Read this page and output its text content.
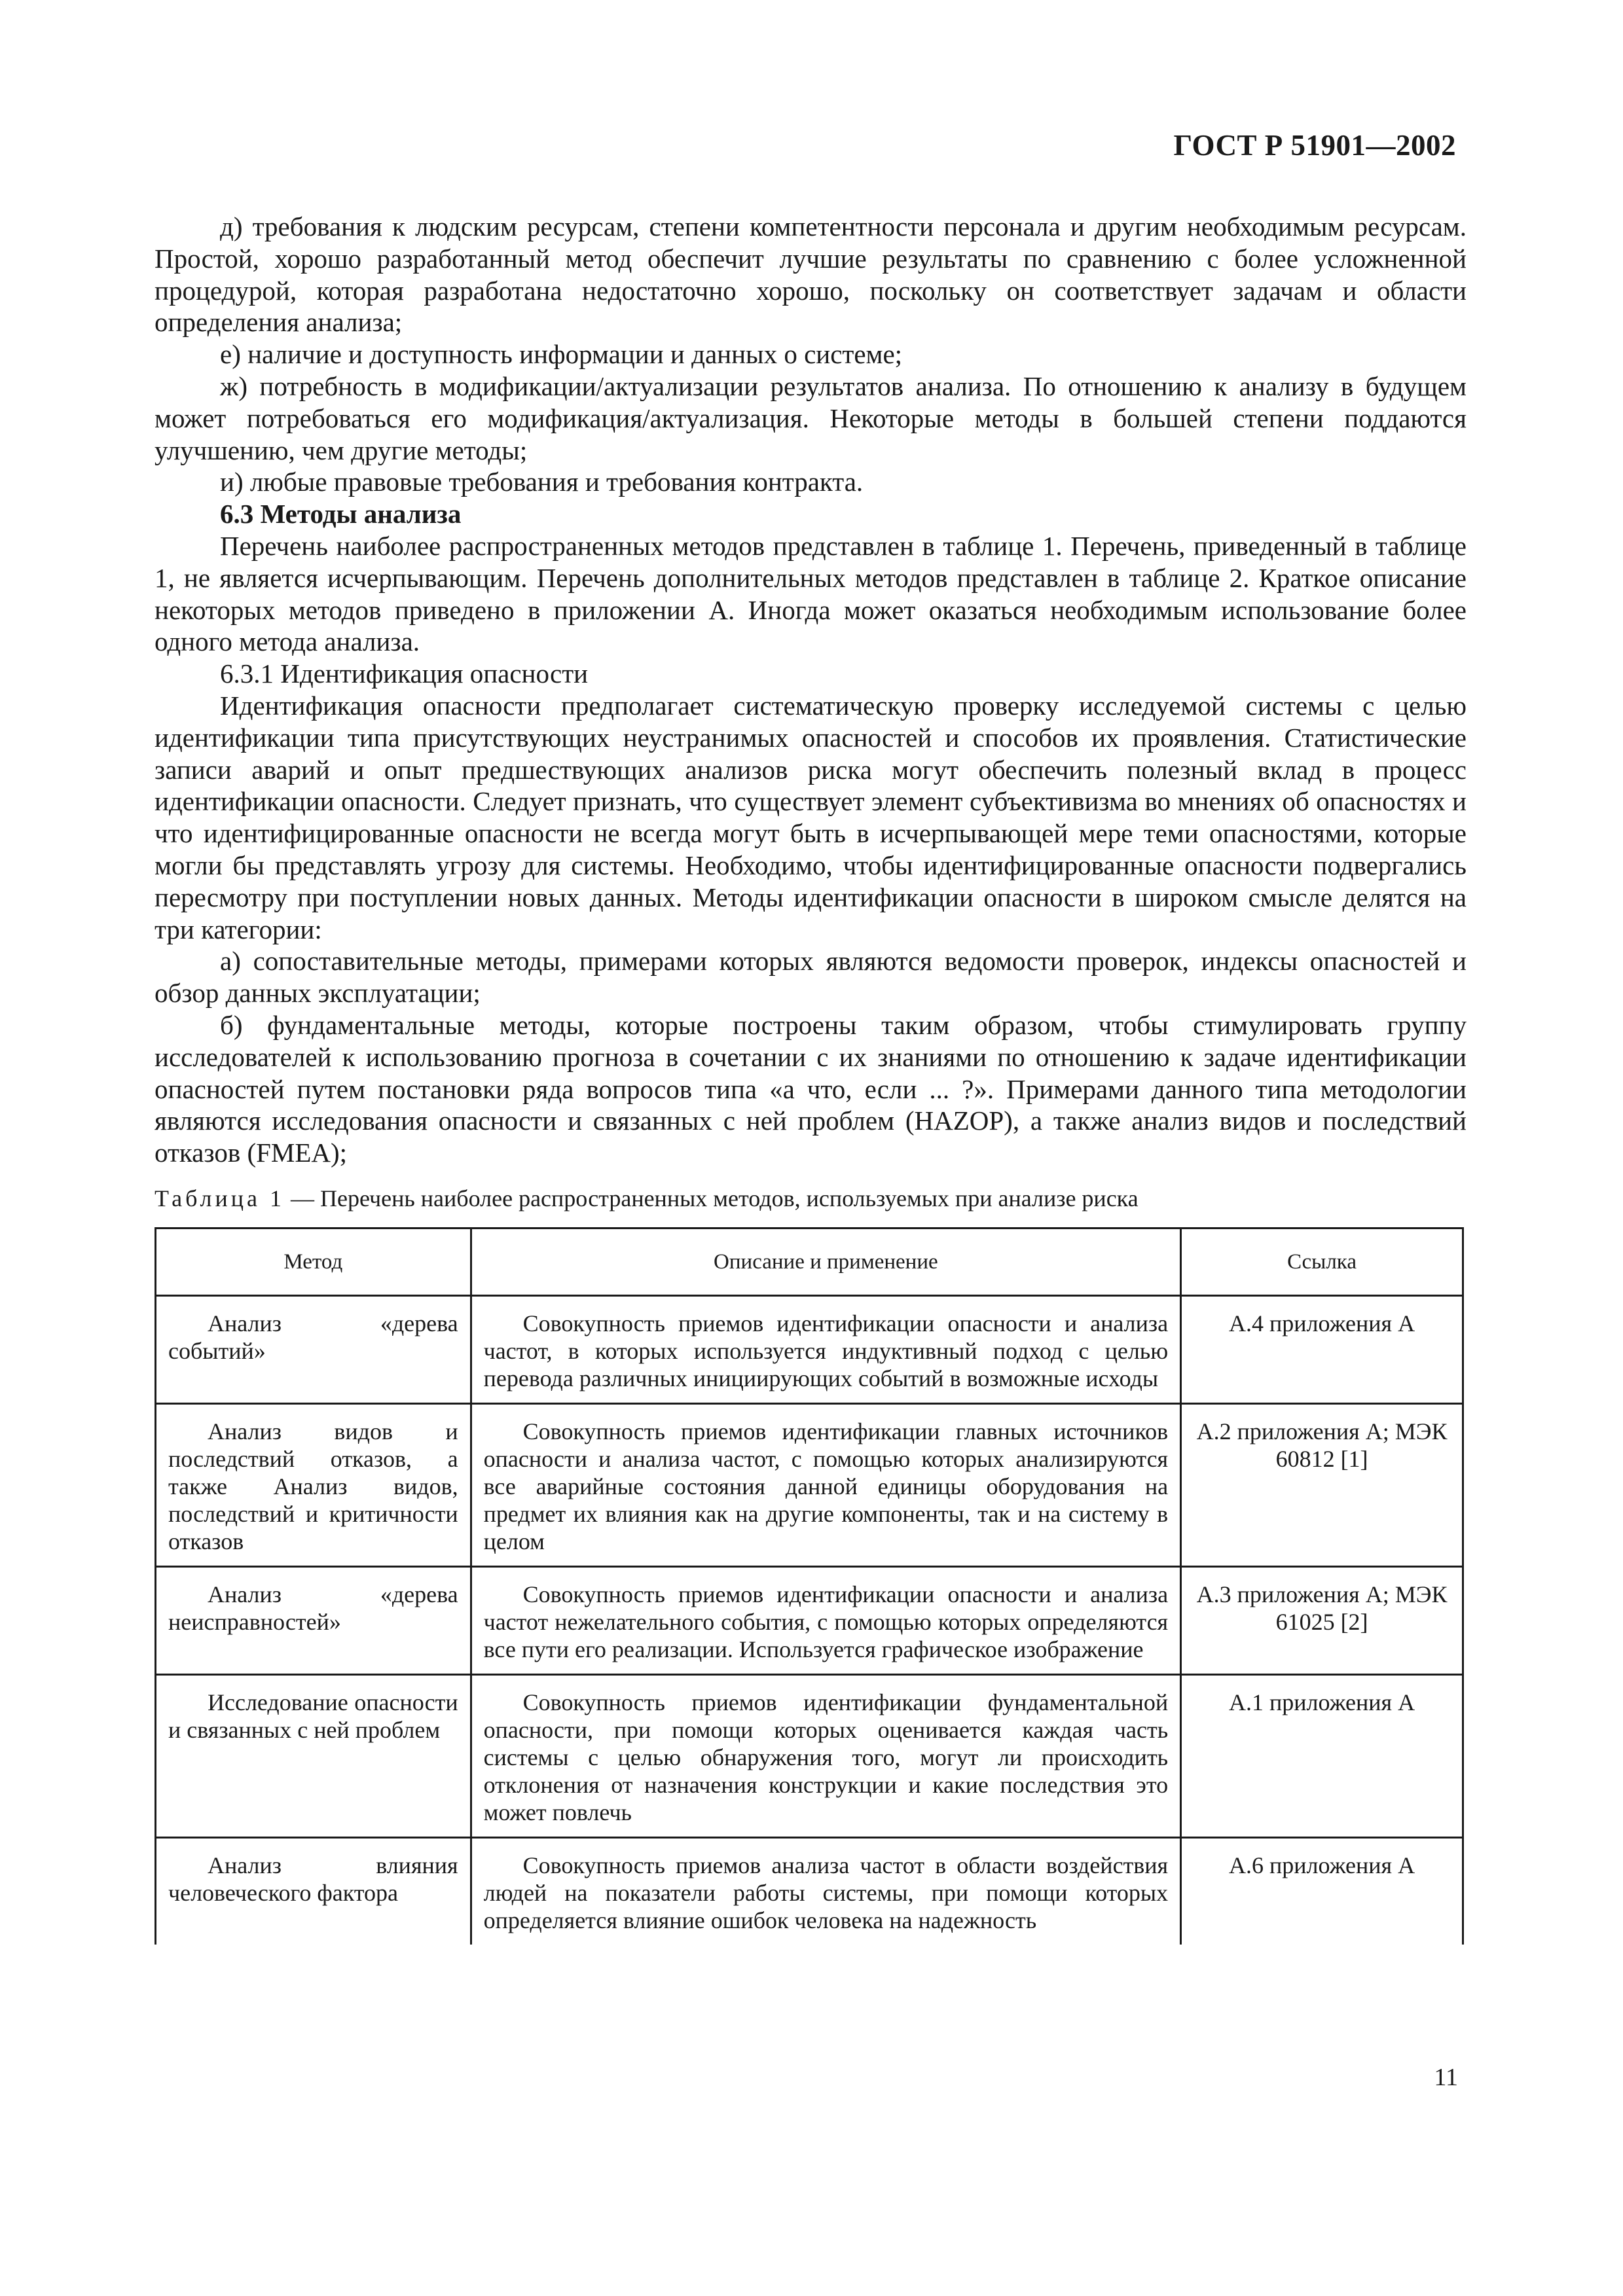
ГОСТ Р 51901—2002

д) требования к людским ресурсам, степени компетентности персонала и другим необходимым ресурсам. Простой, хорошо разработанный метод обеспечит лучшие результаты по сравнению с более усложненной процедурой, которая разработана недостаточно хорошо, поскольку он соответствует задачам и области определения анализа;

е) наличие и доступность информации и данных о системе;

ж) потребность в модификации/актуализации результатов анализа. По отношению к анализу в будущем может потребоваться его модификация/актуализация. Некоторые методы в большей степени поддаются улучшению, чем другие методы;

и) любые правовые требования и требования контракта.

6.3 Методы анализа

Перечень наиболее распространенных методов представлен в таблице 1. Перечень, приведенный в таблице 1, не является исчерпывающим. Перечень дополнительных методов представлен в таблице 2. Краткое описание некоторых методов приведено в приложении А. Иногда может оказаться необходимым использование более одного метода анализа.

6.3.1 Идентификация опасности

Идентификация опасности предполагает систематическую проверку исследуемой системы с целью идентификации типа присутствующих неустранимых опасностей и способов их проявления. Статистические записи аварий и опыт предшествующих анализов риска могут обеспечить полезный вклад в процесс идентификации опасности. Следует признать, что существует элемент субъективизма во мнениях об опасностях и что идентифицированные опасности не всегда могут быть в исчерпывающей мере теми опасностями, которые могли бы представлять угрозу для системы. Необходимо, чтобы идентифицированные опасности подвергались пересмотру при поступлении новых данных. Методы идентификации опасности в широком смысле делятся на три категории:

а) сопоставительные методы, примерами которых являются ведомости проверок, индексы опасностей и обзор данных эксплуатации;

б) фундаментальные методы, которые построены таким образом, чтобы стимулировать группу исследователей к использованию прогноза в сочетании с их знаниями по отношению к задаче идентификации опасностей путем постановки ряда вопросов типа «а что, если ... ?». Примерами данного типа методологии являются исследования опасности и связанных с ней проблем (HAZOP), а также анализ видов и последствий отказов (FMEA);

Таблица 1 — Перечень наиболее распространенных методов, используемых при анализе риска
Метод	Описание и применение	Ссылка
Анализ «дерева событий»	Совокупность приемов идентификации опасности и анализа частот, в которых используется индуктивный подход с целью перевода различных инициирующих событий в возможные исходы	А.4 приложения А
Анализ видов и последствий отказов, а также Анализ видов, последствий и критичности отказов	Совокупность приемов идентификации главных источников опасности и анализа частот, с помощью которых анализируются все аварийные состояния данной единицы оборудования на предмет их влияния как на другие компоненты, так и на систему в целом	А.2 приложения А; МЭК 60812 [1]
Анализ «дерева неисправностей»	Совокупность приемов идентификации опасности и анализа частот нежелательного события, с помощью которых определяются все пути его реализации. Используется графическое изображение	А.3 приложения А; МЭК 61025 [2]
Исследование опасности и связанных с ней проблем	Совокупность приемов идентификации фундаментальной опасности, при помощи которых оценивается каждая часть системы с целью обнаружения того, могут ли происходить отклонения от назначения конструкции и какие последствия это может повлечь	А.1 приложения А
Анализ влияния человеческого фактора	Совокупность приемов анализа частот в области воздействия людей на показатели работы системы, при помощи которых определяется влияние ошибок человека на надежность	А.6 приложения А
11
